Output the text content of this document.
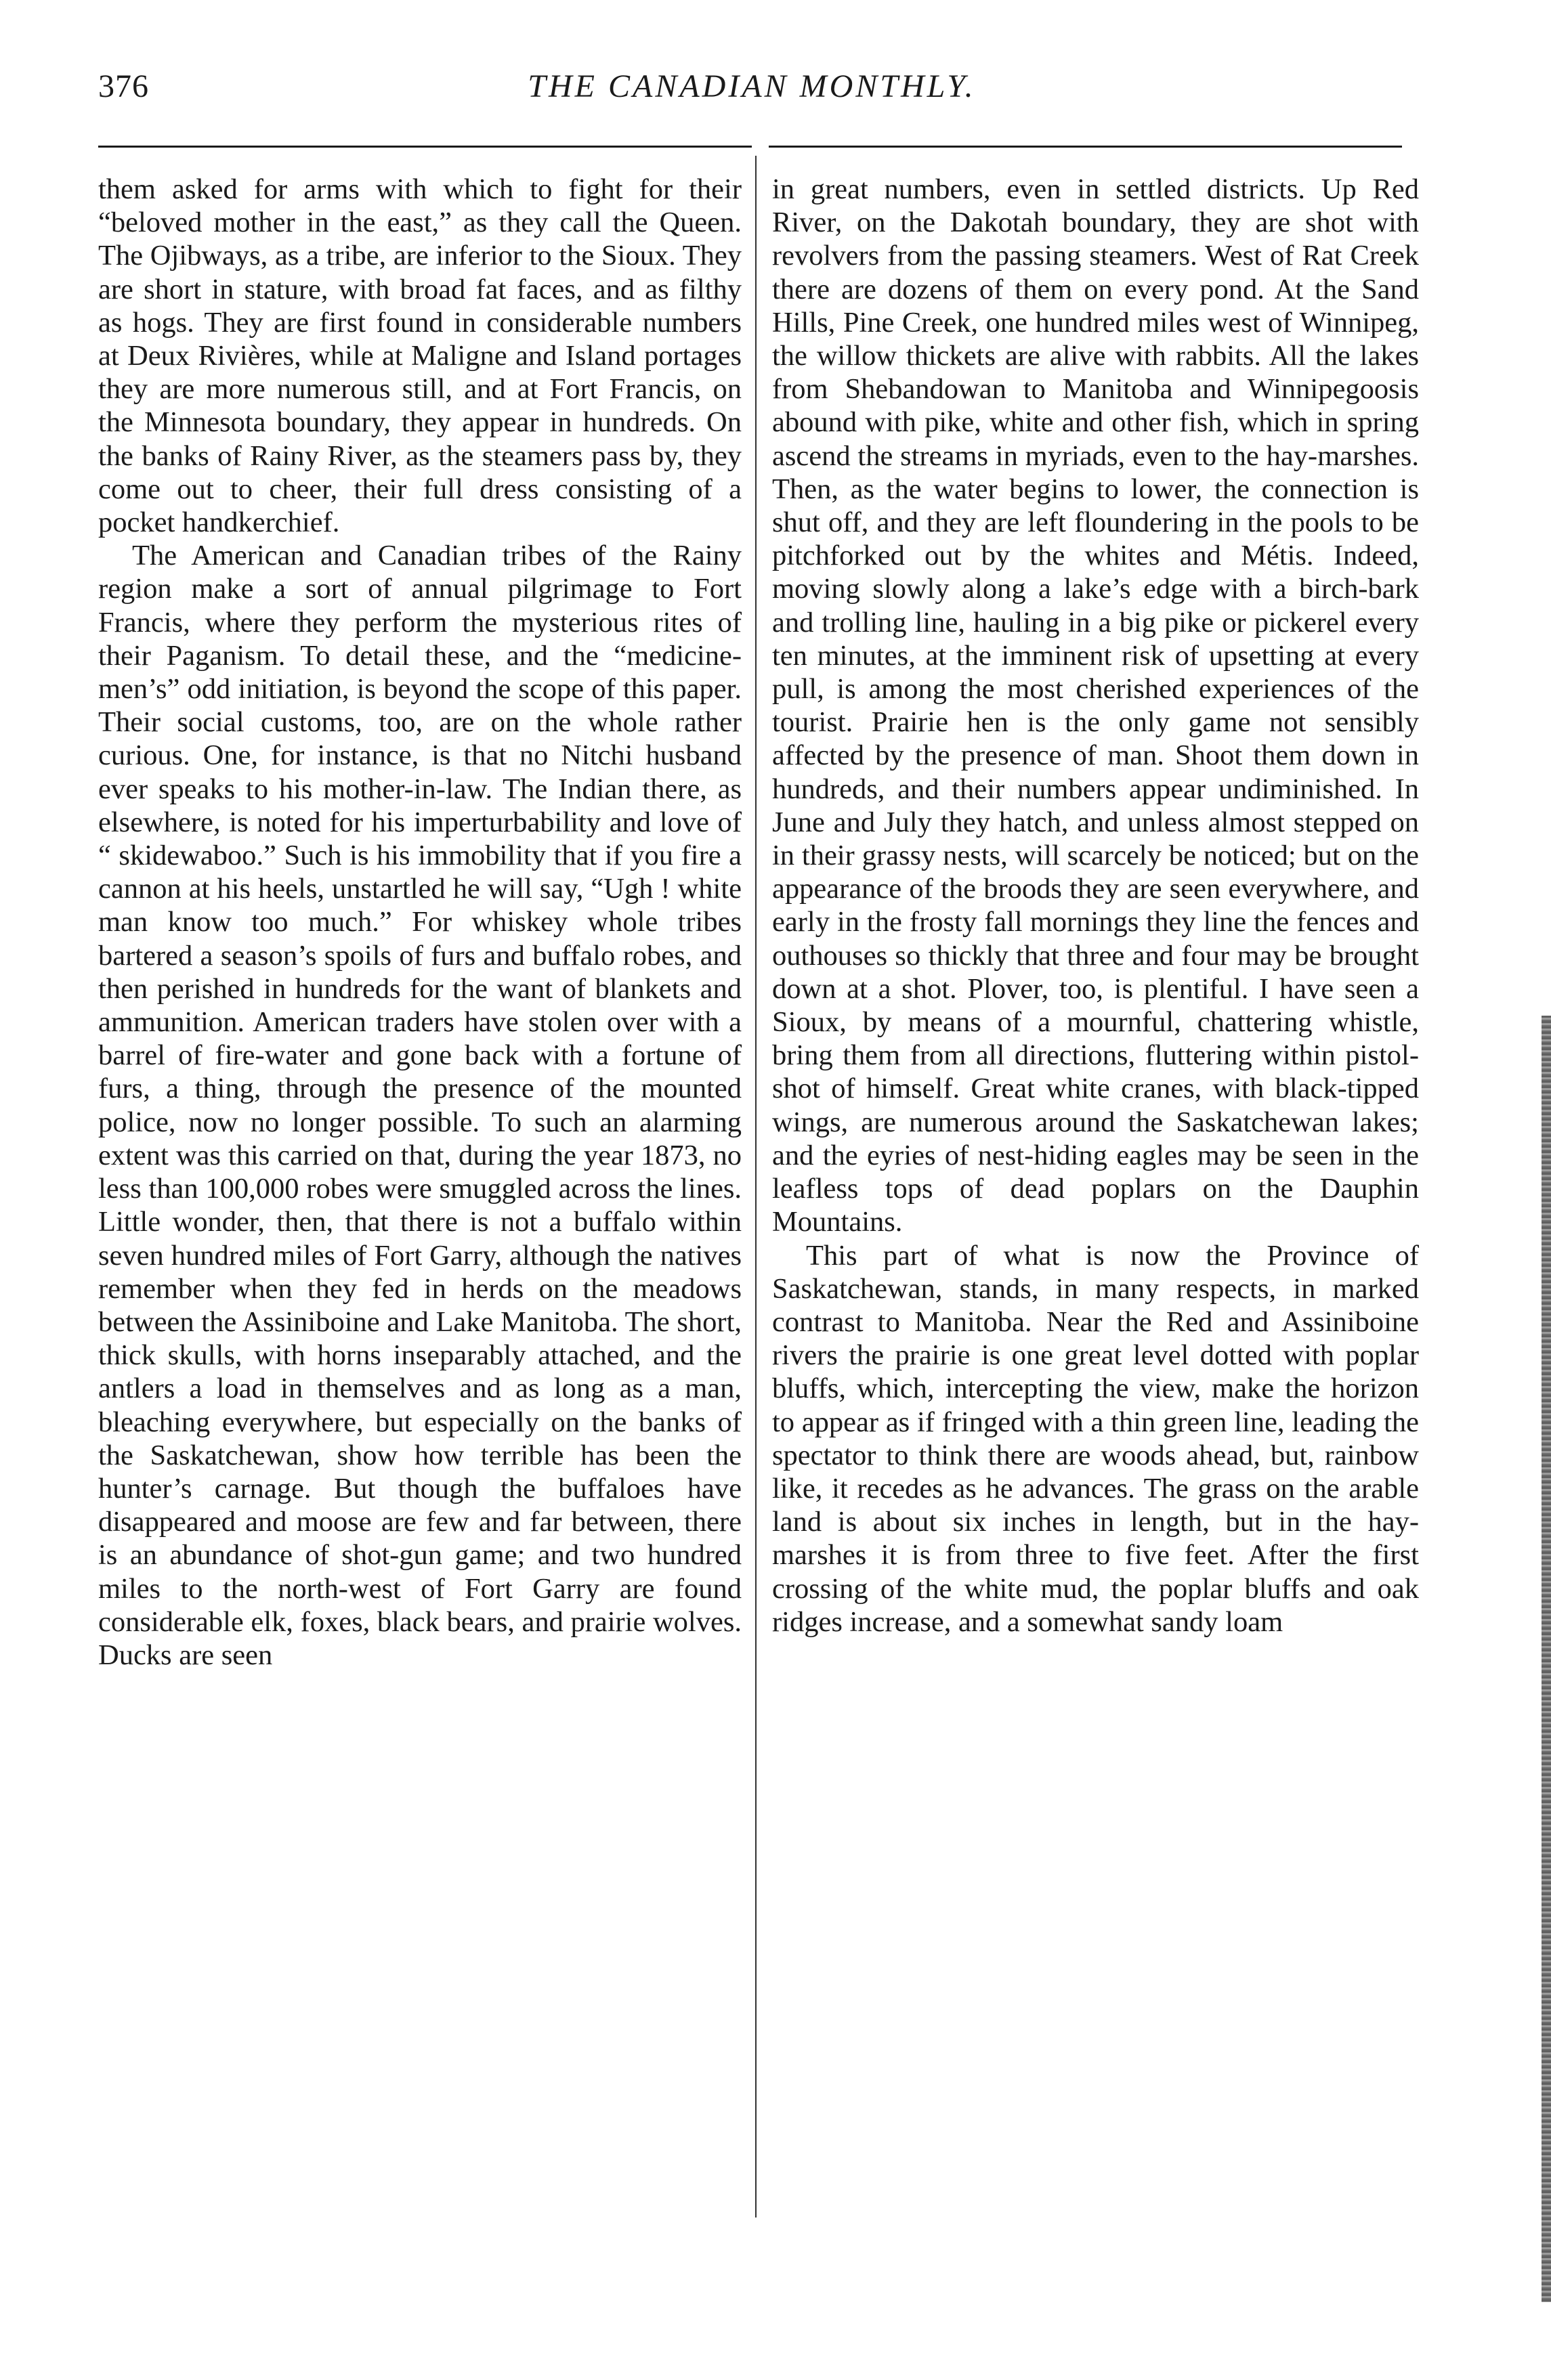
376	THE CANADIAN MONTHLY.

them asked for arms with which to fight for their “beloved mother in the east,” as they call the Queen. The Ojibways, as a tribe, are inferior to the Sioux. They are short in stature, with broad fat faces, and as filthy as hogs. They are first found in considerable numbers at Deux Rivières, while at Maligne and Island portages they are more numerous still, and at Fort Francis, on the Minnesota boundary, they appear in hundreds. On the banks of Rainy River, as the steamers pass by, they come out to cheer, their full dress consisting of a pocket handkerchief.

The American and Canadian tribes of the Rainy region make a sort of annual pilgrimage to Fort Francis, where they perform the mysterious rites of their Paganism. To detail these, and the “medicine-men’s” odd initiation, is beyond the scope of this paper. Their social customs, too, are on the whole rather curious. One, for instance, is that no Nitchi husband ever speaks to his mother-in-law. The Indian there, as elsewhere, is noted for his imperturbability and love of “ skidewaboo.” Such is his immobility that if you fire a cannon at his heels, unstartled he will say, “Ugh ! white man know too much.” For whiskey whole tribes bartered a season’s spoils of furs and buffalo robes, and then perished in hundreds for the want of blankets and ammunition. American traders have stolen over with a barrel of fire-water and gone back with a fortune of furs, a thing, through the presence of the mounted police, now no longer possible. To such an alarming extent was this carried on that, during the year 1873, no less than 100,000 robes were smuggled across the lines. Little wonder, then, that there is not a buffalo within seven hundred miles of Fort Garry, although the natives remember when they fed in herds on the meadows between the Assiniboine and Lake Manitoba. The short, thick skulls, with horns inseparably attached, and the antlers a load in themselves and as long as a man, bleaching everywhere, but especially on the banks of the Saskatchewan, show how terrible has been the hunter’s carnage. But though the buffaloes have disappeared and moose are few and far between, there is an abundance of shot-gun game; and two hundred miles to the north-west of Fort Garry are found considerable elk, foxes, black bears, and prairie wolves. Ducks are seen

in great numbers, even in settled districts. Up Red River, on the Dakotah boundary, they are shot with revolvers from the passing steamers. West of Rat Creek there are dozens of them on every pond. At the Sand Hills, Pine Creek, one hundred miles west of Winnipeg, the willow thickets are alive with rabbits. All the lakes from Shebandowan to Manitoba and Winnipegoosis abound with pike, white and other fish, which in spring ascend the streams in myriads, even to the hay-marshes. Then, as the water begins to lower, the connection is shut off, and they are left floundering in the pools to be pitchforked out by the whites and Métis. Indeed, moving slowly along a lake’s edge with a birch-bark and trolling line, hauling in a big pike or pickerel every ten minutes, at the imminent risk of upsetting at every pull, is among the most cherished experiences of the tourist. Prairie hen is the only game not sensibly affected by the presence of man. Shoot them down in hundreds, and their numbers appear undiminished. In June and July they hatch, and unless almost stepped on in their grassy nests, will scarcely be noticed; but on the appearance of the broods they are seen everywhere, and early in the frosty fall mornings they line the fences and outhouses so thickly that three and four may be brought down at a shot. Plover, too, is plentiful. I have seen a Sioux, by means of a mournful, chattering whistle, bring them from all directions, fluttering within pistol-shot of himself. Great white cranes, with black-tipped wings, are numerous around the Saskatchewan lakes; and the eyries of nest-hiding eagles may be seen in the leafless tops of dead poplars on the Dauphin Mountains.

This part of what is now the Province of Saskatchewan, stands, in many respects, in marked contrast to Manitoba. Near the Red and Assiniboine rivers the prairie is one great level dotted with poplar bluffs, which, intercepting the view, make the horizon to appear as if fringed with a thin green line, leading the spectator to think there are woods ahead, but, rainbow like, it recedes as he advances. The grass on the arable land is about six inches in length, but in the hay-marshes it is from three to five feet. After the first crossing of the white mud, the poplar bluffs and oak ridges increase, and a somewhat sandy loam
